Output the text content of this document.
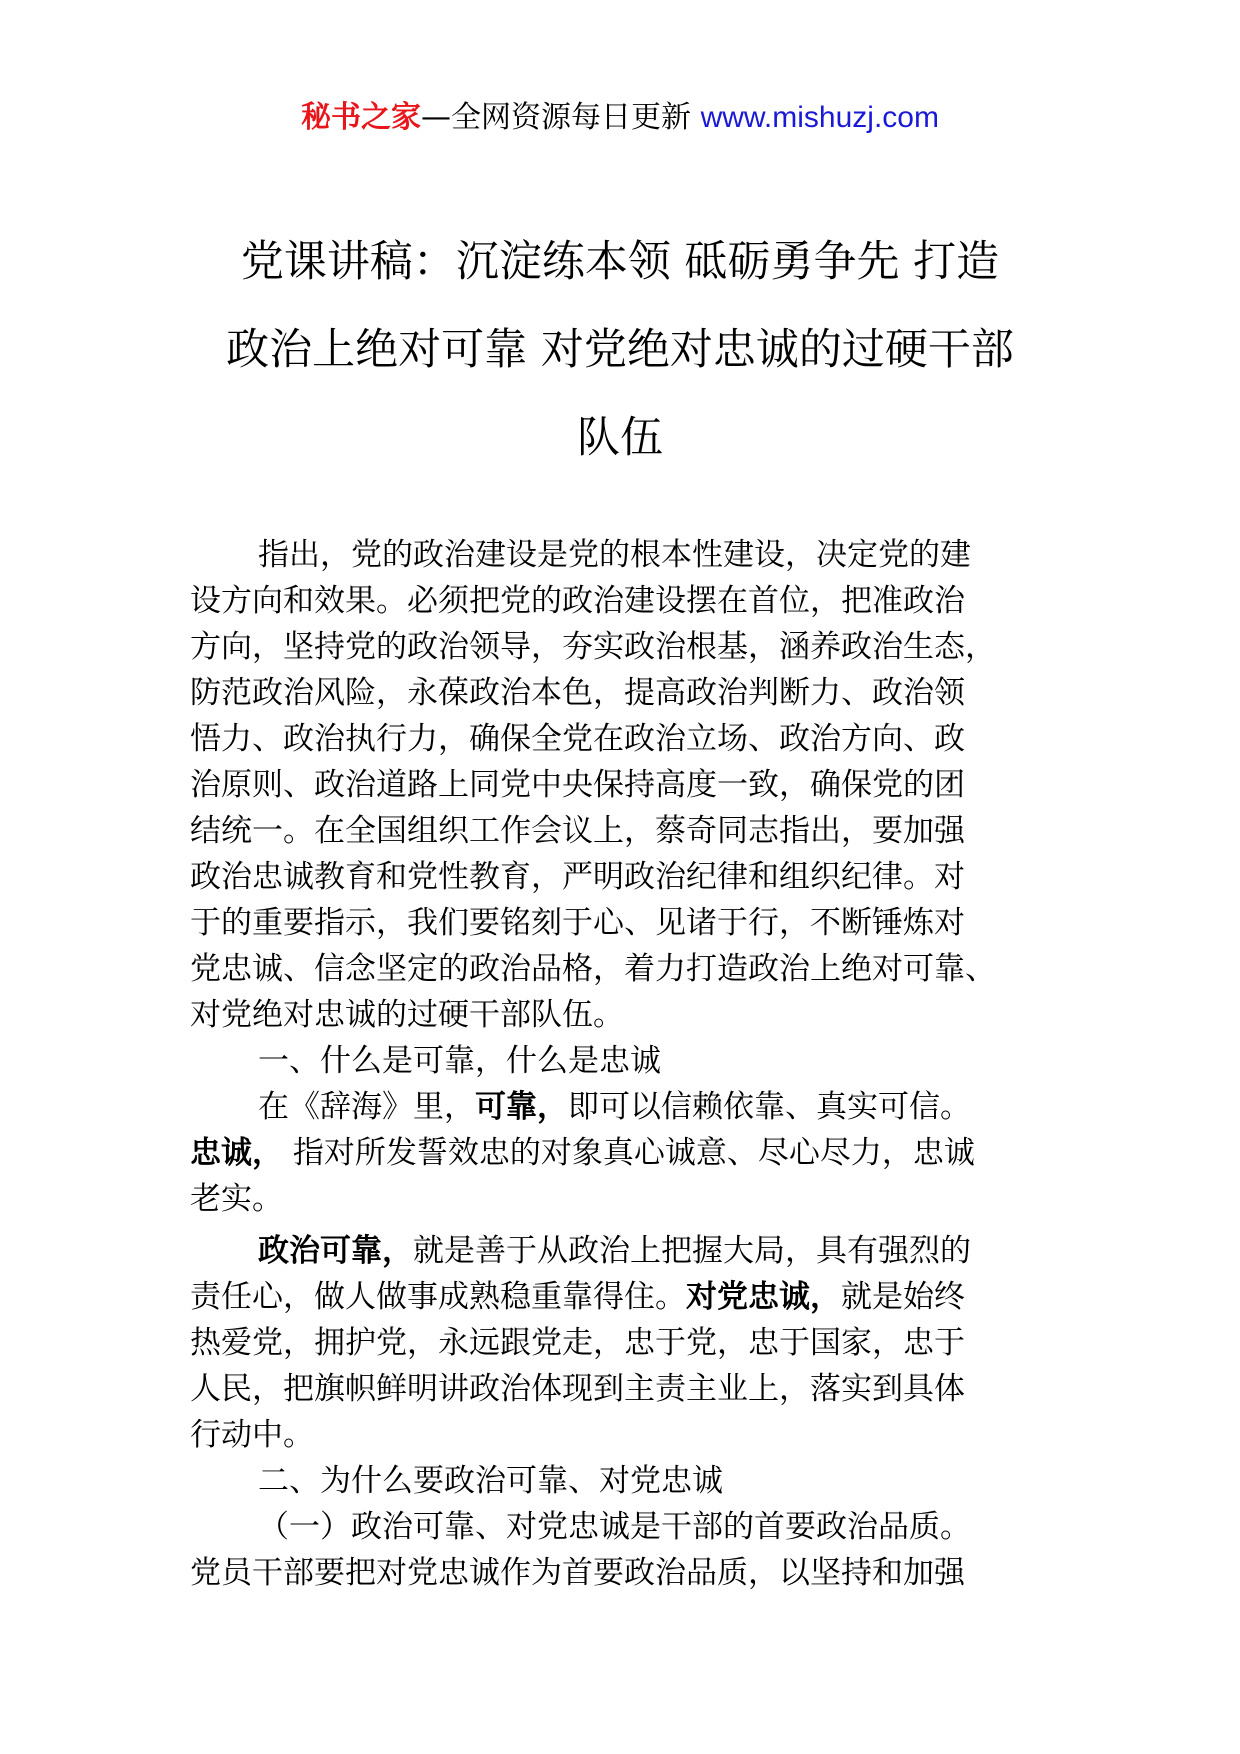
秘书之家—全网资源每日更新 www.mishuzj.com
党课讲稿：沉淀练本领 砥砺勇争先 打造
政治上绝对可靠 对党绝对忠诚的过硬干部
队伍
指出，党的政治建设是党的根本性建设，决定党的建
设方向和效果。必须把党的政治建设摆在首位，把准政治
方向，坚持党的政治领导，夯实政治根基，涵养政治生态，
防范政治风险，永葆政治本色，提高政治判断力、政治领
悟力、政治执行力，确保全党在政治立场、政治方向、政
治原则、政治道路上同党中央保持高度一致，确保党的团
结统一。在全国组织工作会议上，蔡奇同志指出，要加强
政治忠诚教育和党性教育，严明政治纪律和组织纪律。对
于的重要指示，我们要铭刻于心、见诸于行，不断锤炼对
党忠诚、信念坚定的政治品格，着力打造政治上绝对可靠、
对党绝对忠诚的过硬干部队伍。
一、什么是可靠，什么是忠诚
在《辞海》里，可靠，即可以信赖依靠、真实可信。
忠诚， 指对所发誓效忠的对象真心诚意、尽心尽力，忠诚
老实。
政治可靠，就是善于从政治上把握大局，具有强烈的
责任心，做人做事成熟稳重靠得住。对党忠诚，就是始终
热爱党，拥护党，永远跟党走，忠于党，忠于国家，忠于
人民，把旗帜鲜明讲政治体现到主责主业上，落实到具体
行动中。
二、为什么要政治可靠、对党忠诚
（一）政治可靠、对党忠诚是干部的首要政治品质。
党员干部要把对党忠诚作为首要政治品质，以坚持和加强
